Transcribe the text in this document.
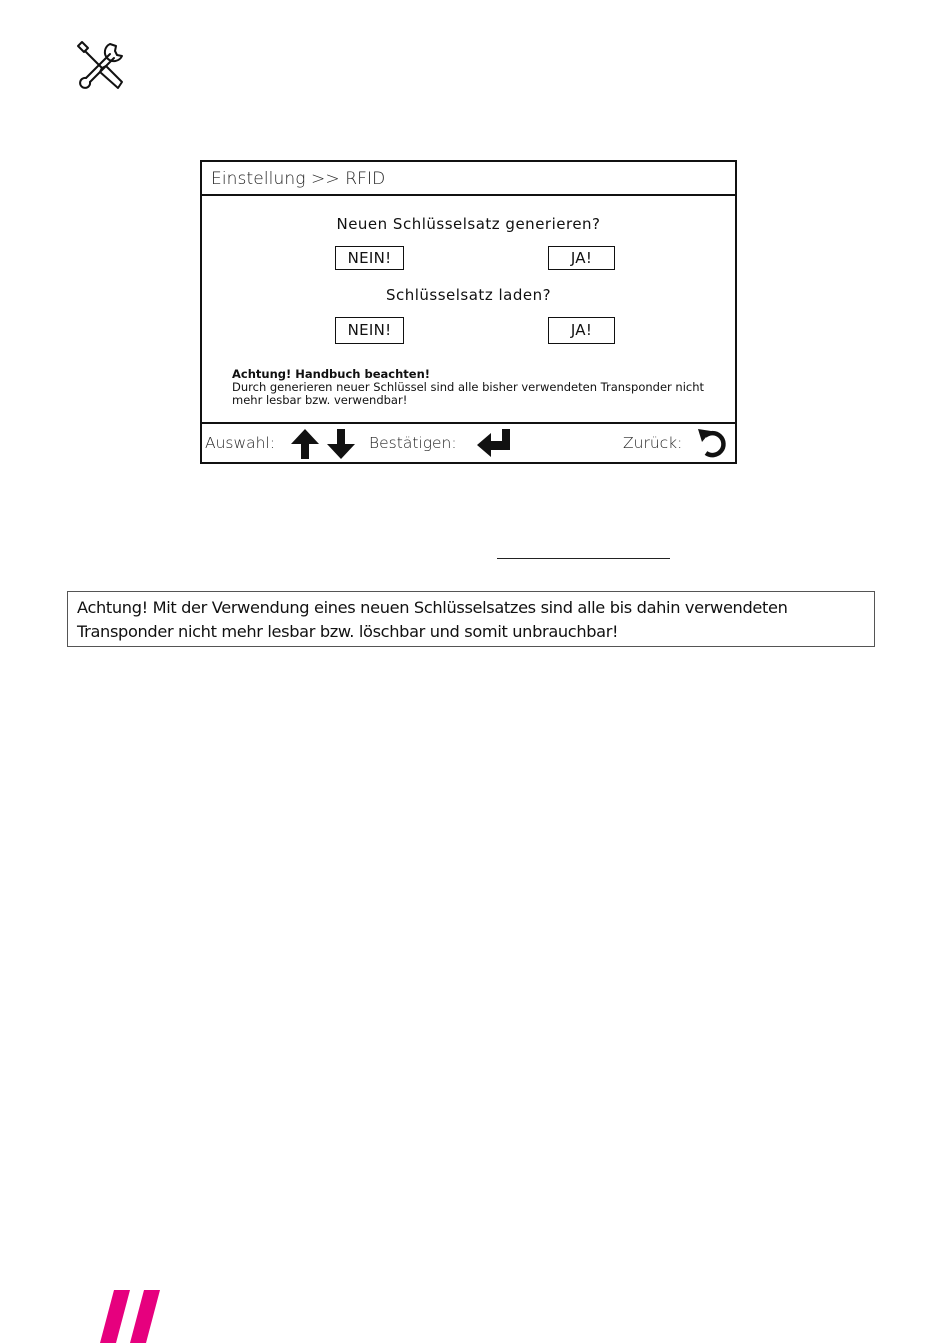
Einstellung >> RFID
Neuen Schlüsselsatz generieren?
NEIN!	JA!
Schlüsselsatz laden?
NEIN!	JA!
Achtung! Handbuch beachten!
Durch generieren neuer Schlüssel sind alle bisher verwendeten Transponder nicht mehr lesbar bzw. verwendbar!
Auswahl:	Bestätigen:	Zurück:
Achtung! Mit der Verwendung eines neuen Schlüsselsatzes sind alle bis dahin verwendeten Transponder nicht mehr lesbar bzw. löschbar und somit unbrauchbar!
